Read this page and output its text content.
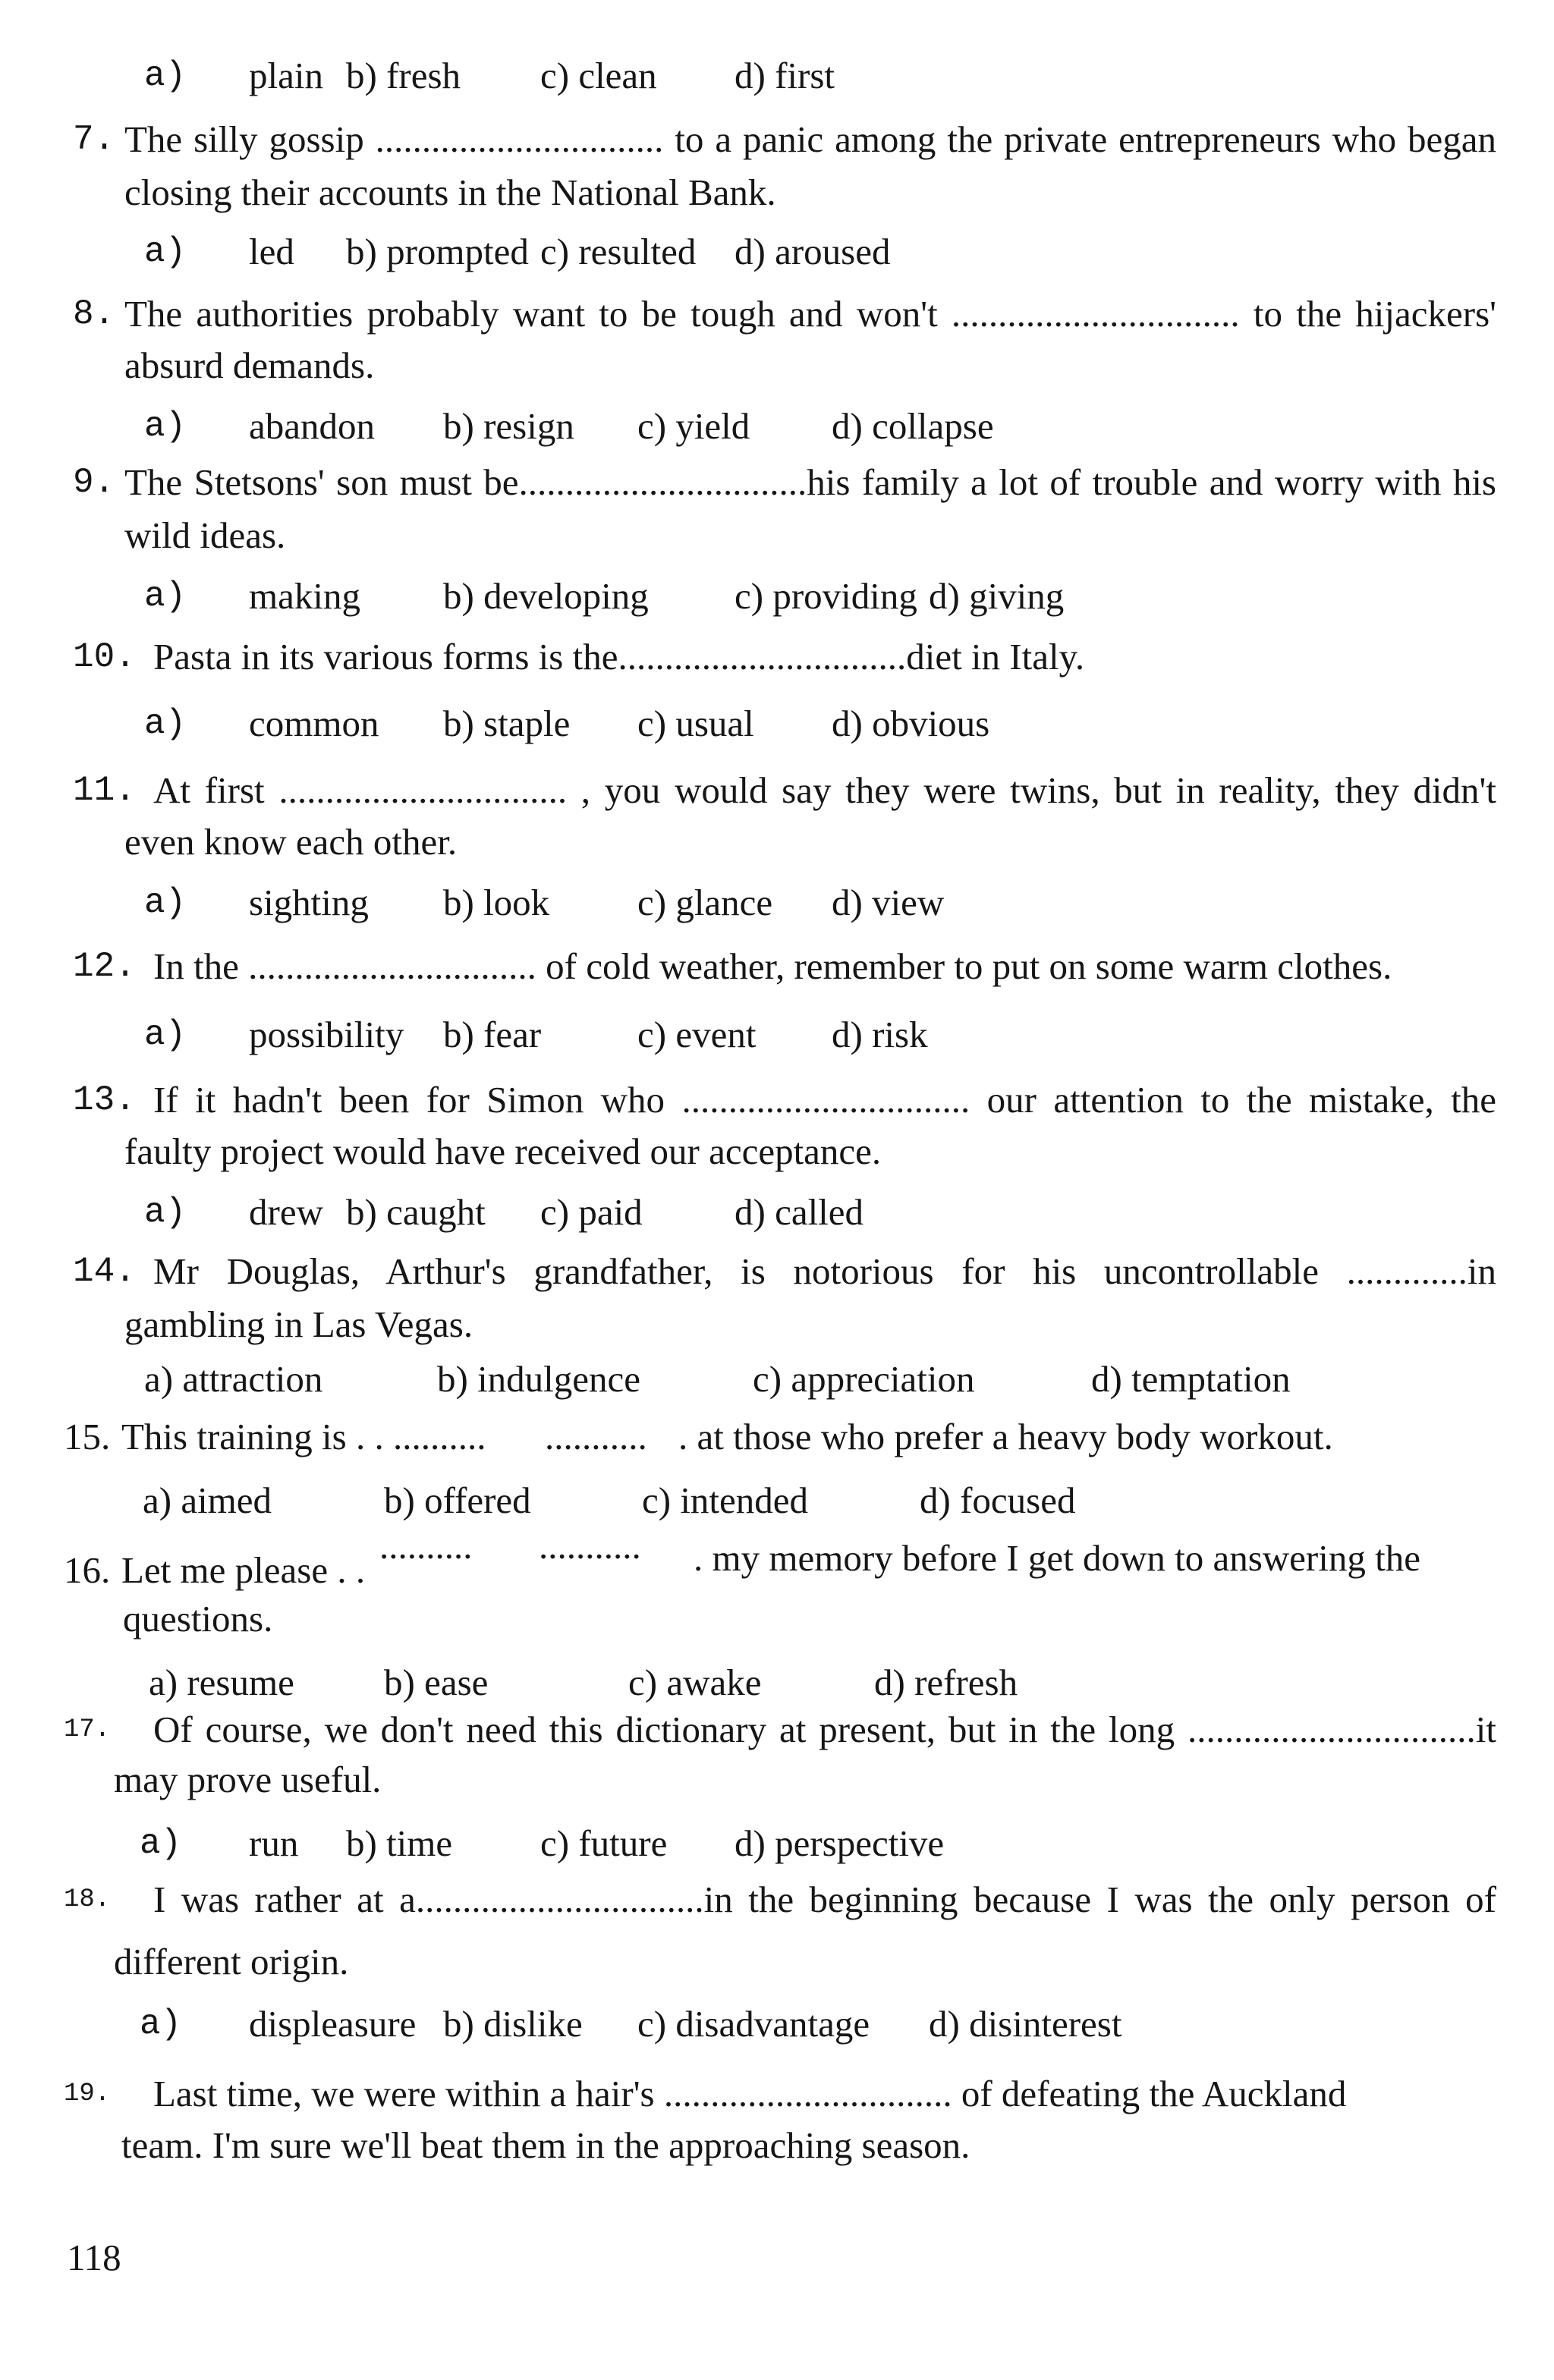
a) plain b) fresh c) clean d) first
7. The silly gossip ............................... to a panic among the private entrepreneurs who began
closing their accounts in the National Bank.
a) led b) prompted c) resulted d) aroused
8. The authorities probably want to be tough and won't ............................... to the hijackers'
absurd demands.
a) abandon b) resign c) yield d) collapse
9. The Stetsons' son must be...............................his family a lot of trouble and worry with his
wild ideas.
a) making b) developing c) providing d) giving
10. Pasta in its various forms is the...............................diet in Italy.
a) common b) staple c) usual d) obvious
11. At first ............................... , you would say they were twins, but in reality, they didn't
even know each other.
a) sighting b) look c) glance d) view
12. In the ............................... of cold weather, remember to put on some warm clothes.
a) possibility b) fear	c) event d) risk
13. If it hadn't been for Simon who ............................... our attention to the mistake, the
faulty project would have received our acceptance.
a) drew b) caught c) paid d) called
14. Mr Douglas, Arthur's grandfather, is notorious for his uncontrollable .............in
gambling in Las Vegas.
a) attraction	b) indulgence	c) appreciation	d) temptation
15. This training is . . .......... ........... . at those who prefer a heavy body workout.
a) aimed	b) offered	c) intended	d) focused
16. Let me please . .
.......... ........... . my memory before I get down to answering the
questions.
a) resume b) ease	c) awake	d) refresh
17. Of course, we don't need this dictionary at present, but in the long ...............................it
may prove useful.
a) run b) time c) future d) perspective
18. I was rather at a...............................in the beginning because I was the only person of
different origin.
a) displeasure b) dislike c) disadvantage d) disinterest
19. Last time, we were within a hair's ............................... of defeating the Auckland
team. I'm sure we'll beat them in the approaching season.
118
